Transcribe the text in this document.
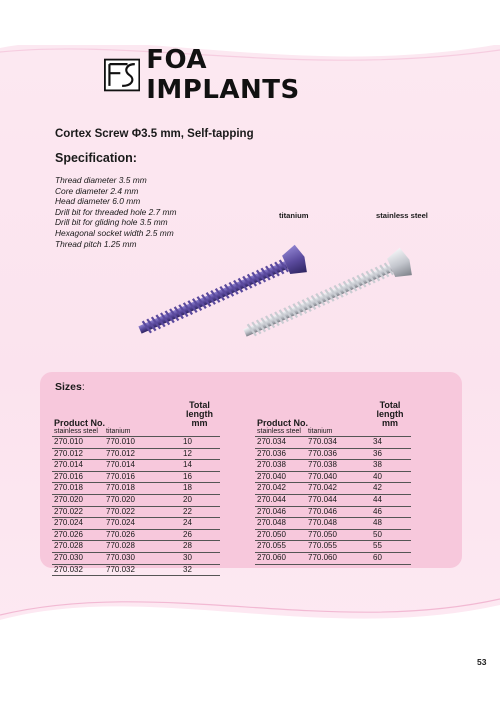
FOA IMPLANTS
Cortex Screw Φ3.5 mm, Self-tapping
Specification:
Thread diameter 3.5 mm
Core diameter 2.4 mm
Head diameter 6.0 mm
Drill bit for threaded hole 2.7 mm
Drill bit for gliding hole 3.5 mm
Hexagonal socket width 2.5 mm
Thread pitch 1.25 mm
titanium	stainless steel
Sizes:
Product No.		Total
length
		mm
stainless steel	titanium	
270.010	770.010	10
270.012	770.012	12
270.014	770.014	14
270.016	770.016	16
270.018	770.018	18
270.020	770.020	20
270.022	770.022	22
270.024	770.024	24
270.026	770.026	26
270.028	770.028	28
270.030	770.030	30
270.032	770.032	32
Product No.		Total
length
		mm
stainless steel	titanium	
270.034	770.034	34
270.036	770.036	36
270.038	770.038	38
270.040	770.040	40
270.042	770.042	42
270.044	770.044	44
270.046	770.046	46
270.048	770.048	48
270.050	770.050	50
270.055	770.055	55
270.060	770.060	60
53
